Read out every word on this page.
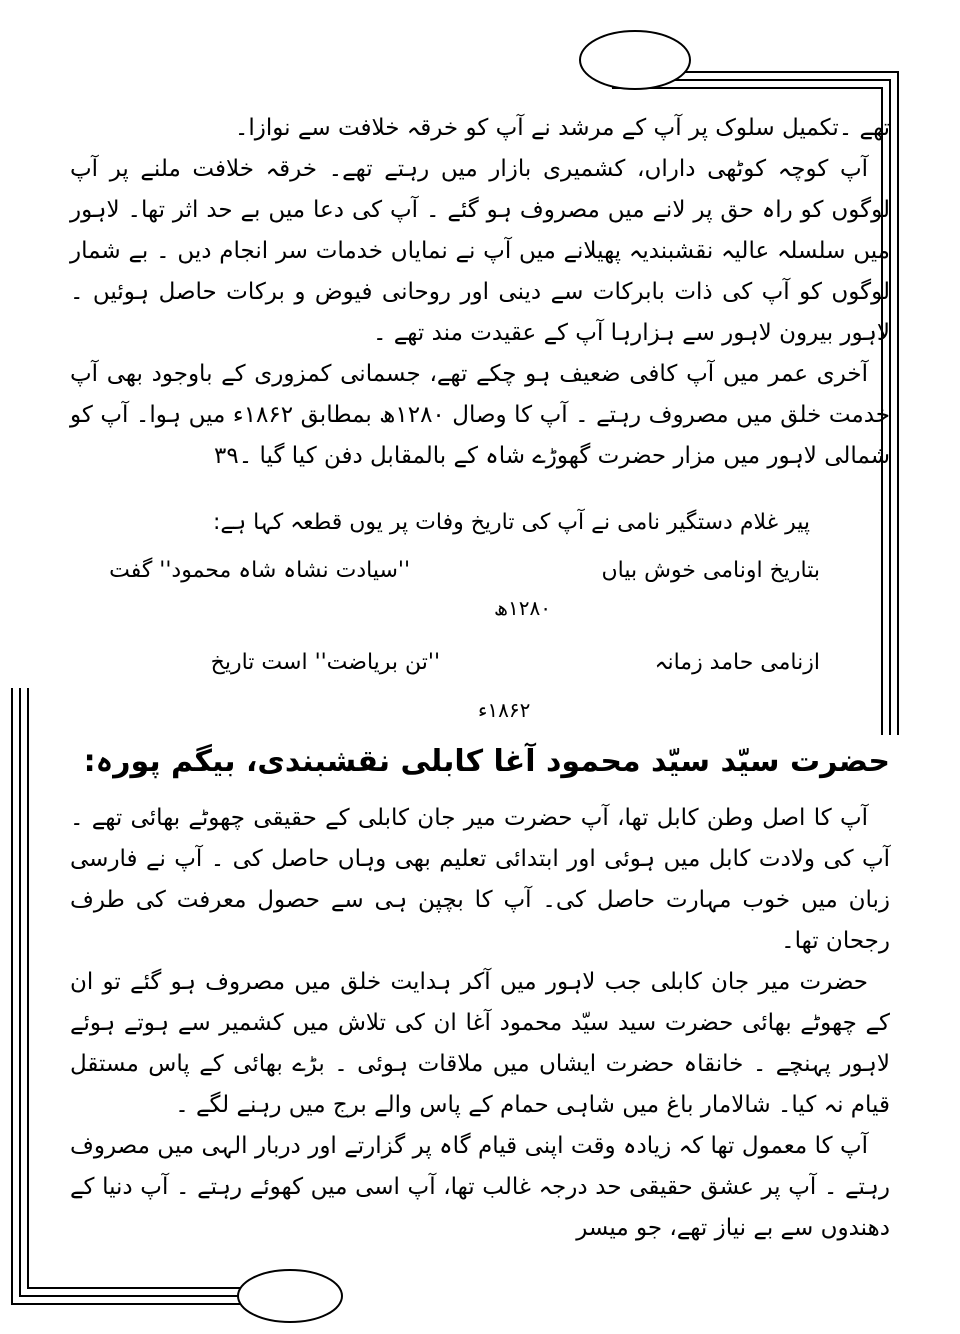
تھے ۔تکمیل سلوک پر آپ کے مرشد نے آپ کو خرقہ خلافت سے نوازا۔

آپ کوچہ کوٹھی داراں، کشمیری بازار میں رہتے تھے۔ خرقہ خلافت ملنے پر آپ لوگوں کو راہ حق پر لانے میں مصروف ہو گئے ۔ آپ کی دعا میں بے حد اثر تھا۔ لاہور میں سلسلہ عالیہ نقشبندیہ پھیلانے میں آپ نے نمایاں خدمات سر انجام دیں ۔ بے شمار لوگوں کو آپ کی ذات بابرکات سے دینی اور روحانی فیوض و برکات حاصل ہوئیں ۔ لاہور بیرون لاہور سے ہزارہا آپ کے عقیدت مند تھے ۔

آخری عمر میں آپ کافی ضعیف ہو چکے تھے، جسمانی کمزوری کے باوجود بھی آپ خدمت خلق میں مصروف رہتے ۔ آپ کا وصال ۱۲۸۰ھ بمطابق ۱۸۶۲ء میں ہوا۔ آپ کو شمالی لاہور میں مزار حضرت گھوڑے شاہ کے بالمقابل دفن کیا گیا ۔۳۹

پیر غلام دستگیر نامی نے آپ کی تاریخ وفات پر یوں قطعہ کہا ہے:
بتاریخ اونامی خوش بیاں
''سیادت نشاہ شاہ محمود'' گفت
۱۲۸۰ھ
ازنامی حامد زمانہ
''تن بریاضت'' است تاریخ
۱۸۶۲ء
حضرت سیّد سیّد محمود آغا کابلی نقشبندی، بیگم پورہ:

آپ کا اصل وطن کابل تھا، آپ حضرت میر جان کابلی کے حقیقی چھوٹے بھائی تھے ۔ آپ کی ولادت کابل میں ہوئی اور ابتدائی تعلیم بھی وہاں حاصل کی ۔ آپ نے فارسی زبان میں خوب مہارت حاصل کی۔ آپ کا بچپن ہی سے حصول معرفت کی طرف رجحان تھا۔

حضرت میر جان کابلی جب لاہور میں آکر ہدایت خلق میں مصروف ہو گئے تو ان کے چھوٹے بھائی حضرت سید سیّد محمود آغا ان کی تلاش میں کشمیر سے ہوتے ہوئے لاہور پہنچے ۔ خانقاہ حضرت ایشاں میں ملاقات ہوئی ۔ بڑے بھائی کے پاس مستقل قیام نہ کیا۔ شالامار باغ میں شاہی حمام کے پاس والے برج میں رہنے لگے ۔

آپ کا معمول تھا کہ زیادہ وقت اپنی قیام گاہ پر گزارتے اور دربار الہی میں مصروف رہتے ۔ آپ پر عشق حقیقی حد درجہ غالب تھا، آپ اسی میں کھوئے رہتے ۔ آپ دنیا کے دھندوں سے بے نیاز تھے، جو میسر
